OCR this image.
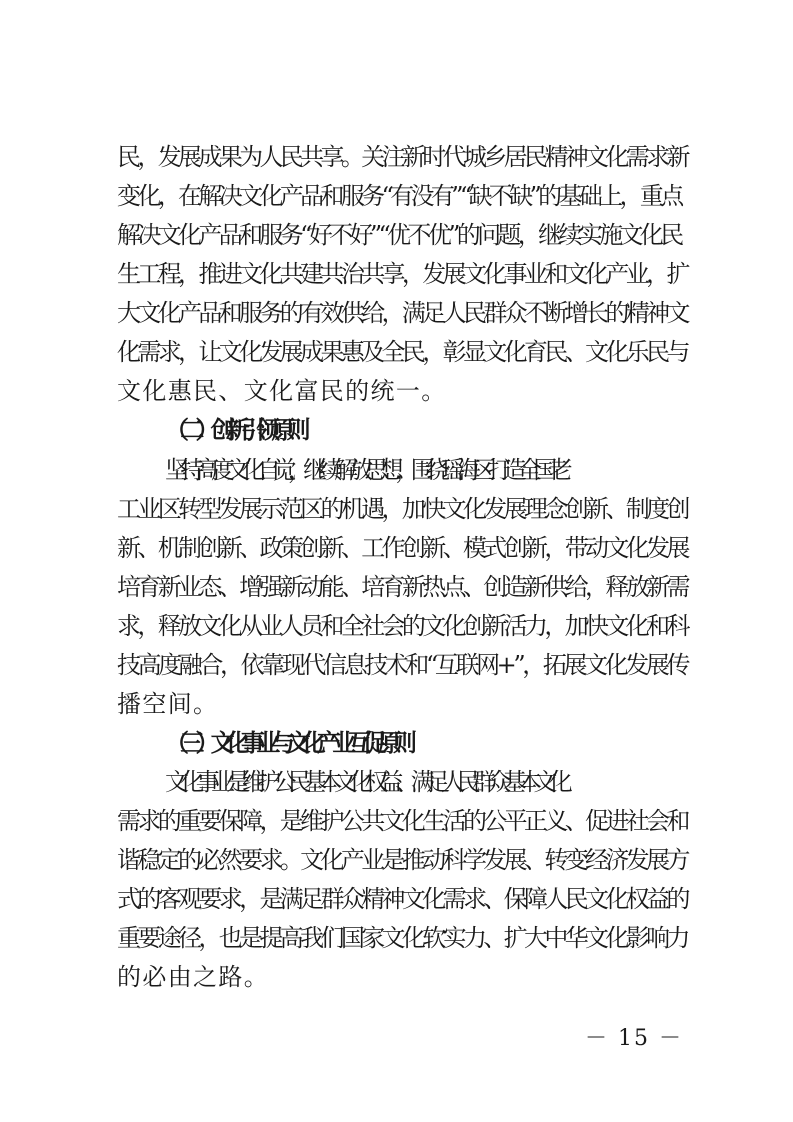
民，发展成果为人民共享。关注新时代城乡居民精神文化需求新
变化，在解决文化产品和服务“有没有”“缺不缺”的基础上，重点
解决文化产品和服务“好不好”“优不优”的问题，继续实施文化民
生工程，推进文化共建共治共享，发展文化事业和文化产业，扩
大文化产品和服务的有效供给，满足人民群众不断增长的精神文
化需求，让文化发展成果惠及全民，彰显文化育民、文化乐民与
文化惠民、文化富民的统一。
（二）创新引领原则
坚持高度文化自觉，继续解放思想，围绕瑶海区打造全国老
工业区转型发展示范区的机遇，加快文化发展理念创新、制度创
新、机制创新、政策创新、工作创新、模式创新，带动文化发展
培育新业态、增强新动能、培育新热点、创造新供给，释放新需
求，释放文化从业人员和全社会的文化创新活力，加快文化和科
技高度融合，依靠现代信息技术和“互联网+”，拓展文化发展传
播空间。
（三）文化事业与文化产业互促原则
文化事业是维护公民基本文化权益、满足人民群众基本文化
需求的重要保障，是维护公共文化生活的公平正义、促进社会和
谐稳定的必然要求。文化产业是推动科学发展、转变经济发展方
式的客观要求，是满足群众精神文化需求、保障人民文化权益的
重要途径，也是提高我们国家文化软实力、扩大中华文化影响力
的必由之路。
－ 15 －
